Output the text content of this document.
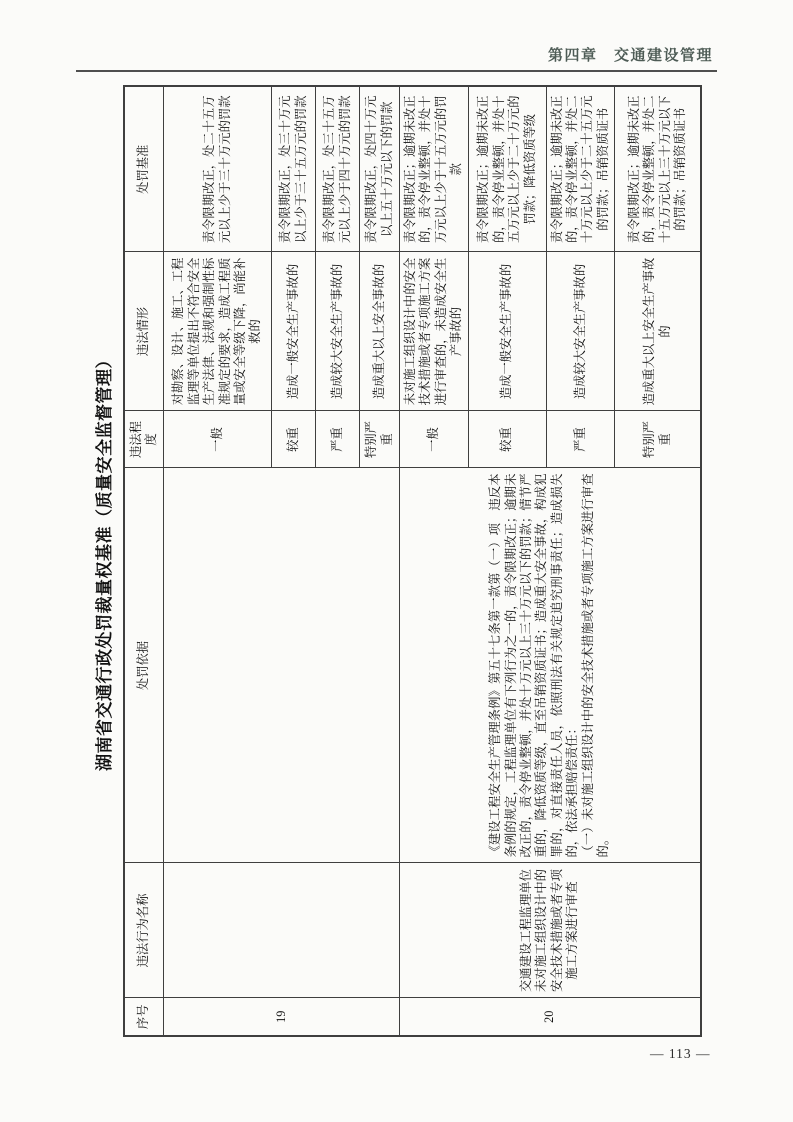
第四章　交通建设管理

湖南省交通行政处罚裁量权基准（质量安全监督管理）

序号	违法行为名称	处罚依据	违法程度	违法情形	处罚基准
19			一般	对勘察、设计、施工、工程监理等单位提出不符合安全生产法律、法规和强制性标准规定的要求，造成工程质量或安全等级下降，尚能补救的	责令限期改正，处二十五万元以上少于三十万元的罚款
			较重	造成一般安全生产事故的	责令限期改正，处三十万元以上少于三十五万元的罚款
			严重	造成较大安全生产事故的	责令限期改正，处三十五万元以上少于四十万元的罚款
			特别严重	造成重大以上安全事故的	责令限期改正，处四十万元以上五十万元以下的罚款
20	交通建设工程监理单位未对施工组织设计中的安全技术措施或者专项施工方案进行审查	《建设工程安全生产管理条例》第五十七条第一款第（一）项　违反本条例的规定，工程监理单位有下列行为之一的，责令限期改正；逾期未改正的，责令停业整顿，并处十万元以上三十万元以下的罚款；情节严重的，降低资质等级，直至吊销资质证书；造成重大安全事故，构成犯罪的，对直接责任人员，依照刑法有关规定追究刑事责任；造成损失的，依法承担赔偿责任： （一）未对施工组织设计中的安全技术措施或者专项施工方案进行审查的。	一般	未对施工组织设计中的安全技术措施或者专项施工方案进行审查的，未造成安全生产事故的	责令限期改正；逾期未改正的，责令停业整顿，并处十万元以上少于十五万元的罚款
			较重	造成一般安全生产事故的	责令限期改正；逾期未改正的，责令停业整顿，并处十五万元以上少于二十万元的罚款；降低资质等级
			严重	造成较大安全生产事故的	责令限期改正；逾期未改正的，责令停业整顿，并处二十万元以上少于二十五万元的罚款；吊销资质证书
			特别严重	造成重大以上安全生产事故的	责令限期改正；逾期未改正的，责令停业整顿，并处二十五万元以上三十万元以下的罚款；吊销资质证书
— 113 —
